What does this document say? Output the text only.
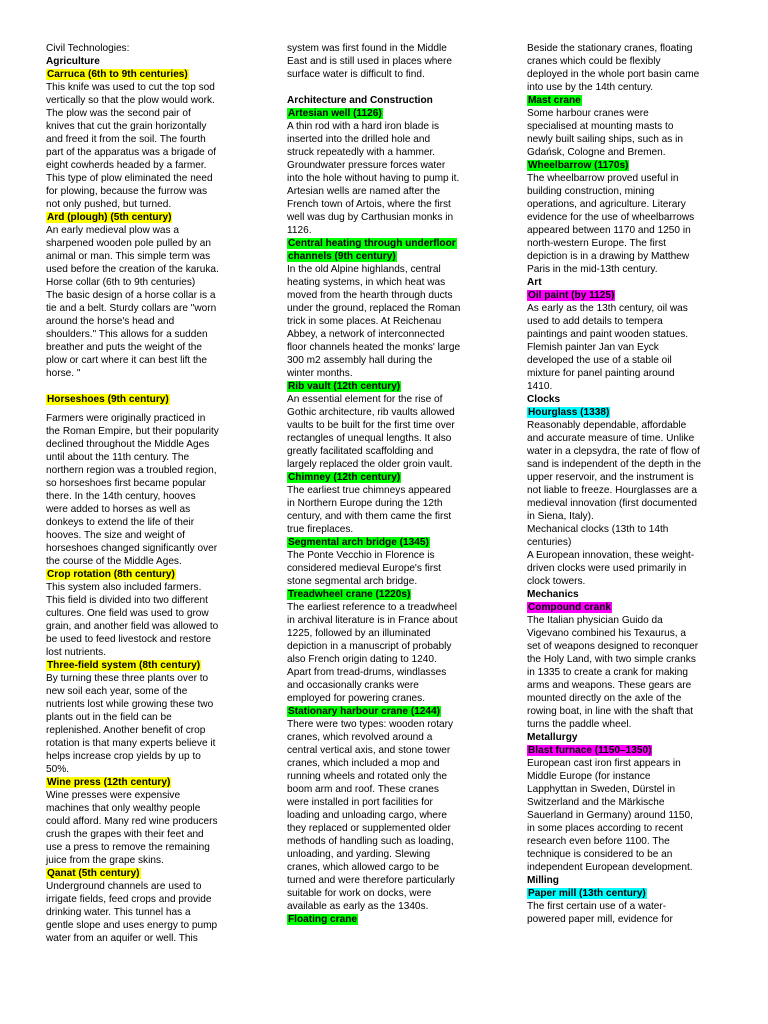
Civil Technologies:
Agriculture
Carruca (6th to 9th centuries)
This knife was used to cut the top sod
vertically so that the plow would work.
The plow was the second pair of
knives that cut the grain horizontally
and freed it from the soil. The fourth
part of the apparatus was a brigade of
eight cowherds headed by a farmer.
This type of plow eliminated the need
for plowing, because the furrow was
not only pushed, but turned.
Ard (plough) (5th century)
An early medieval plow was a
sharpened wooden pole pulled by an
animal or man. This simple term was
used before the creation of the karuka.
Horse collar (6th to 9th centuries)
The basic design of a horse collar is a
tie and a belt. Sturdy collars are "worn
around the horse's head and
shoulders." This allows for a sudden
breather and puts the weight of the
plow or cart where it can best lift the
horse. "
Horseshoes (9th century)
Farmers were originally practiced in
the Roman Empire, but their popularity
declined throughout the Middle Ages
until about the 11th century. The
northern region was a troubled region,
so horseshoes first became popular
there. In the 14th century, hooves
were added to horses as well as
donkeys to extend the life of their
hooves. The size and weight of
horseshoes changed significantly over
the course of the Middle Ages.
Crop rotation (8th century)
This system also included farmers.
This field is divided into two different
cultures. One field was used to grow
grain, and another field was allowed to
be used to feed livestock and restore
lost nutrients.
Three-field system (8th century)
By turning these three plants over to
new soil each year, some of the
nutrients lost while growing these two
plants out in the field can be
replenished. Another benefit of crop
rotation is that many experts believe it
helps increase crop yields by up to
50%.
Wine press (12th century)
Wine presses were expensive
machines that only wealthy people
could afford. Many red wine producers
crush the grapes with their feet and
use a press to remove the remaining
juice from the grape skins.
Qanat (5th century)
Underground channels are used to
irrigate fields, feed crops and provide
drinking water. This tunnel has a
gentle slope and uses energy to pump
water from an aquifer or well. This
system was first found in the Middle
East and is still used in places where
surface water is difficult to find.
Architecture and Construction
Artesian well (1126)
A thin rod with a hard iron blade is
inserted into the drilled hole and
struck repeatedly with a hammer.
Groundwater pressure forces water
into the hole without having to pump it.
Artesian wells are named after the
French town of Artois, where the first
well was dug by Carthusian monks in
1126.
Central heating through underfloor
channels (9th century)
In the old Alpine highlands, central
heating systems, in which heat was
moved from the hearth through ducts
under the ground, replaced the Roman
trick in some places. At Reichenau
Abbey, a network of interconnected
floor channels heated the monks' large
300 m2 assembly hall during the
winter months.
Rib vault (12th century)
An essential element for the rise of
Gothic architecture, rib vaults allowed
vaults to be built for the first time over
rectangles of unequal lengths. It also
greatly facilitated scaffolding and
largely replaced the older groin vault.
Chimney (12th century)
The earliest true chimneys appeared
in Northern Europe during the 12th
century, and with them came the first
true fireplaces.
Segmental arch bridge (1345)
The Ponte Vecchio in Florence is
considered medieval Europe's first
stone segmental arch bridge.
Treadwheel crane (1220s)
The earliest reference to a treadwheel
in archival literature is in France about
1225, followed by an illuminated
depiction in a manuscript of probably
also French origin dating to 1240.
Apart from tread-drums, windlasses
and occasionally cranks were
employed for powering cranes.
Stationary harbour crane (1244)
There were two types: wooden rotary
cranes, which revolved around a
central vertical axis, and stone tower
cranes, which included a mop and
running wheels and rotated only the
boom arm and roof. These cranes
were installed in port facilities for
loading and unloading cargo, where
they replaced or supplemented older
methods of handling such as loading,
unloading, and yarding. Slewing
cranes, which allowed cargo to be
turned and were therefore particularly
suitable for work on docks, were
available as early as the 1340s.
Floating crane
Beside the stationary cranes, floating
cranes which could be flexibly
deployed in the whole port basin came
into use by the 14th century.
Mast crane
Some harbour cranes were
specialised at mounting masts to
newly built sailing ships, such as in
Gdańsk, Cologne and Bremen.
Wheelbarrow (1170s)
The wheelbarrow proved useful in
building construction, mining
operations, and agriculture. Literary
evidence for the use of wheelbarrows
appeared between 1170 and 1250 in
north-western Europe. The first
depiction is in a drawing by Matthew
Paris in the mid-13th century.
Art
Oil paint (by 1125)
As early as the 13th century, oil was
used to add details to tempera
paintings and paint wooden statues.
Flemish painter Jan van Eyck
developed the use of a stable oil
mixture for panel painting around
1410.
Clocks
Hourglass (1338)
Reasonably dependable, affordable
and accurate measure of time. Unlike
water in a clepsydra, the rate of flow of
sand is independent of the depth in the
upper reservoir, and the instrument is
not liable to freeze. Hourglasses are a
medieval innovation (first documented
in Siena, Italy).
Mechanical clocks (13th to 14th
centuries)
A European innovation, these weight-
driven clocks were used primarily in
clock towers.
Mechanics
Compound crank
The Italian physician Guido da
Vigevano combined his Texaurus, a
set of weapons designed to reconquer
the Holy Land, with two simple cranks
in 1335 to create a crank for making
arms and weapons. These gears are
mounted directly on the axle of the
rowing boat, in line with the shaft that
turns the paddle wheel.
Metallurgy
Blast furnace (1150–1350)
European cast iron first appears in
Middle Europe (for instance
Lapphyttan in Sweden, Dürstel in
Switzerland and the Märkische
Sauerland in Germany) around 1150,
in some places according to recent
research even before 1100. The
technique is considered to be an
independent European development.
Milling
Paper mill (13th century)
The first certain use of a water-
powered paper mill, evidence for
